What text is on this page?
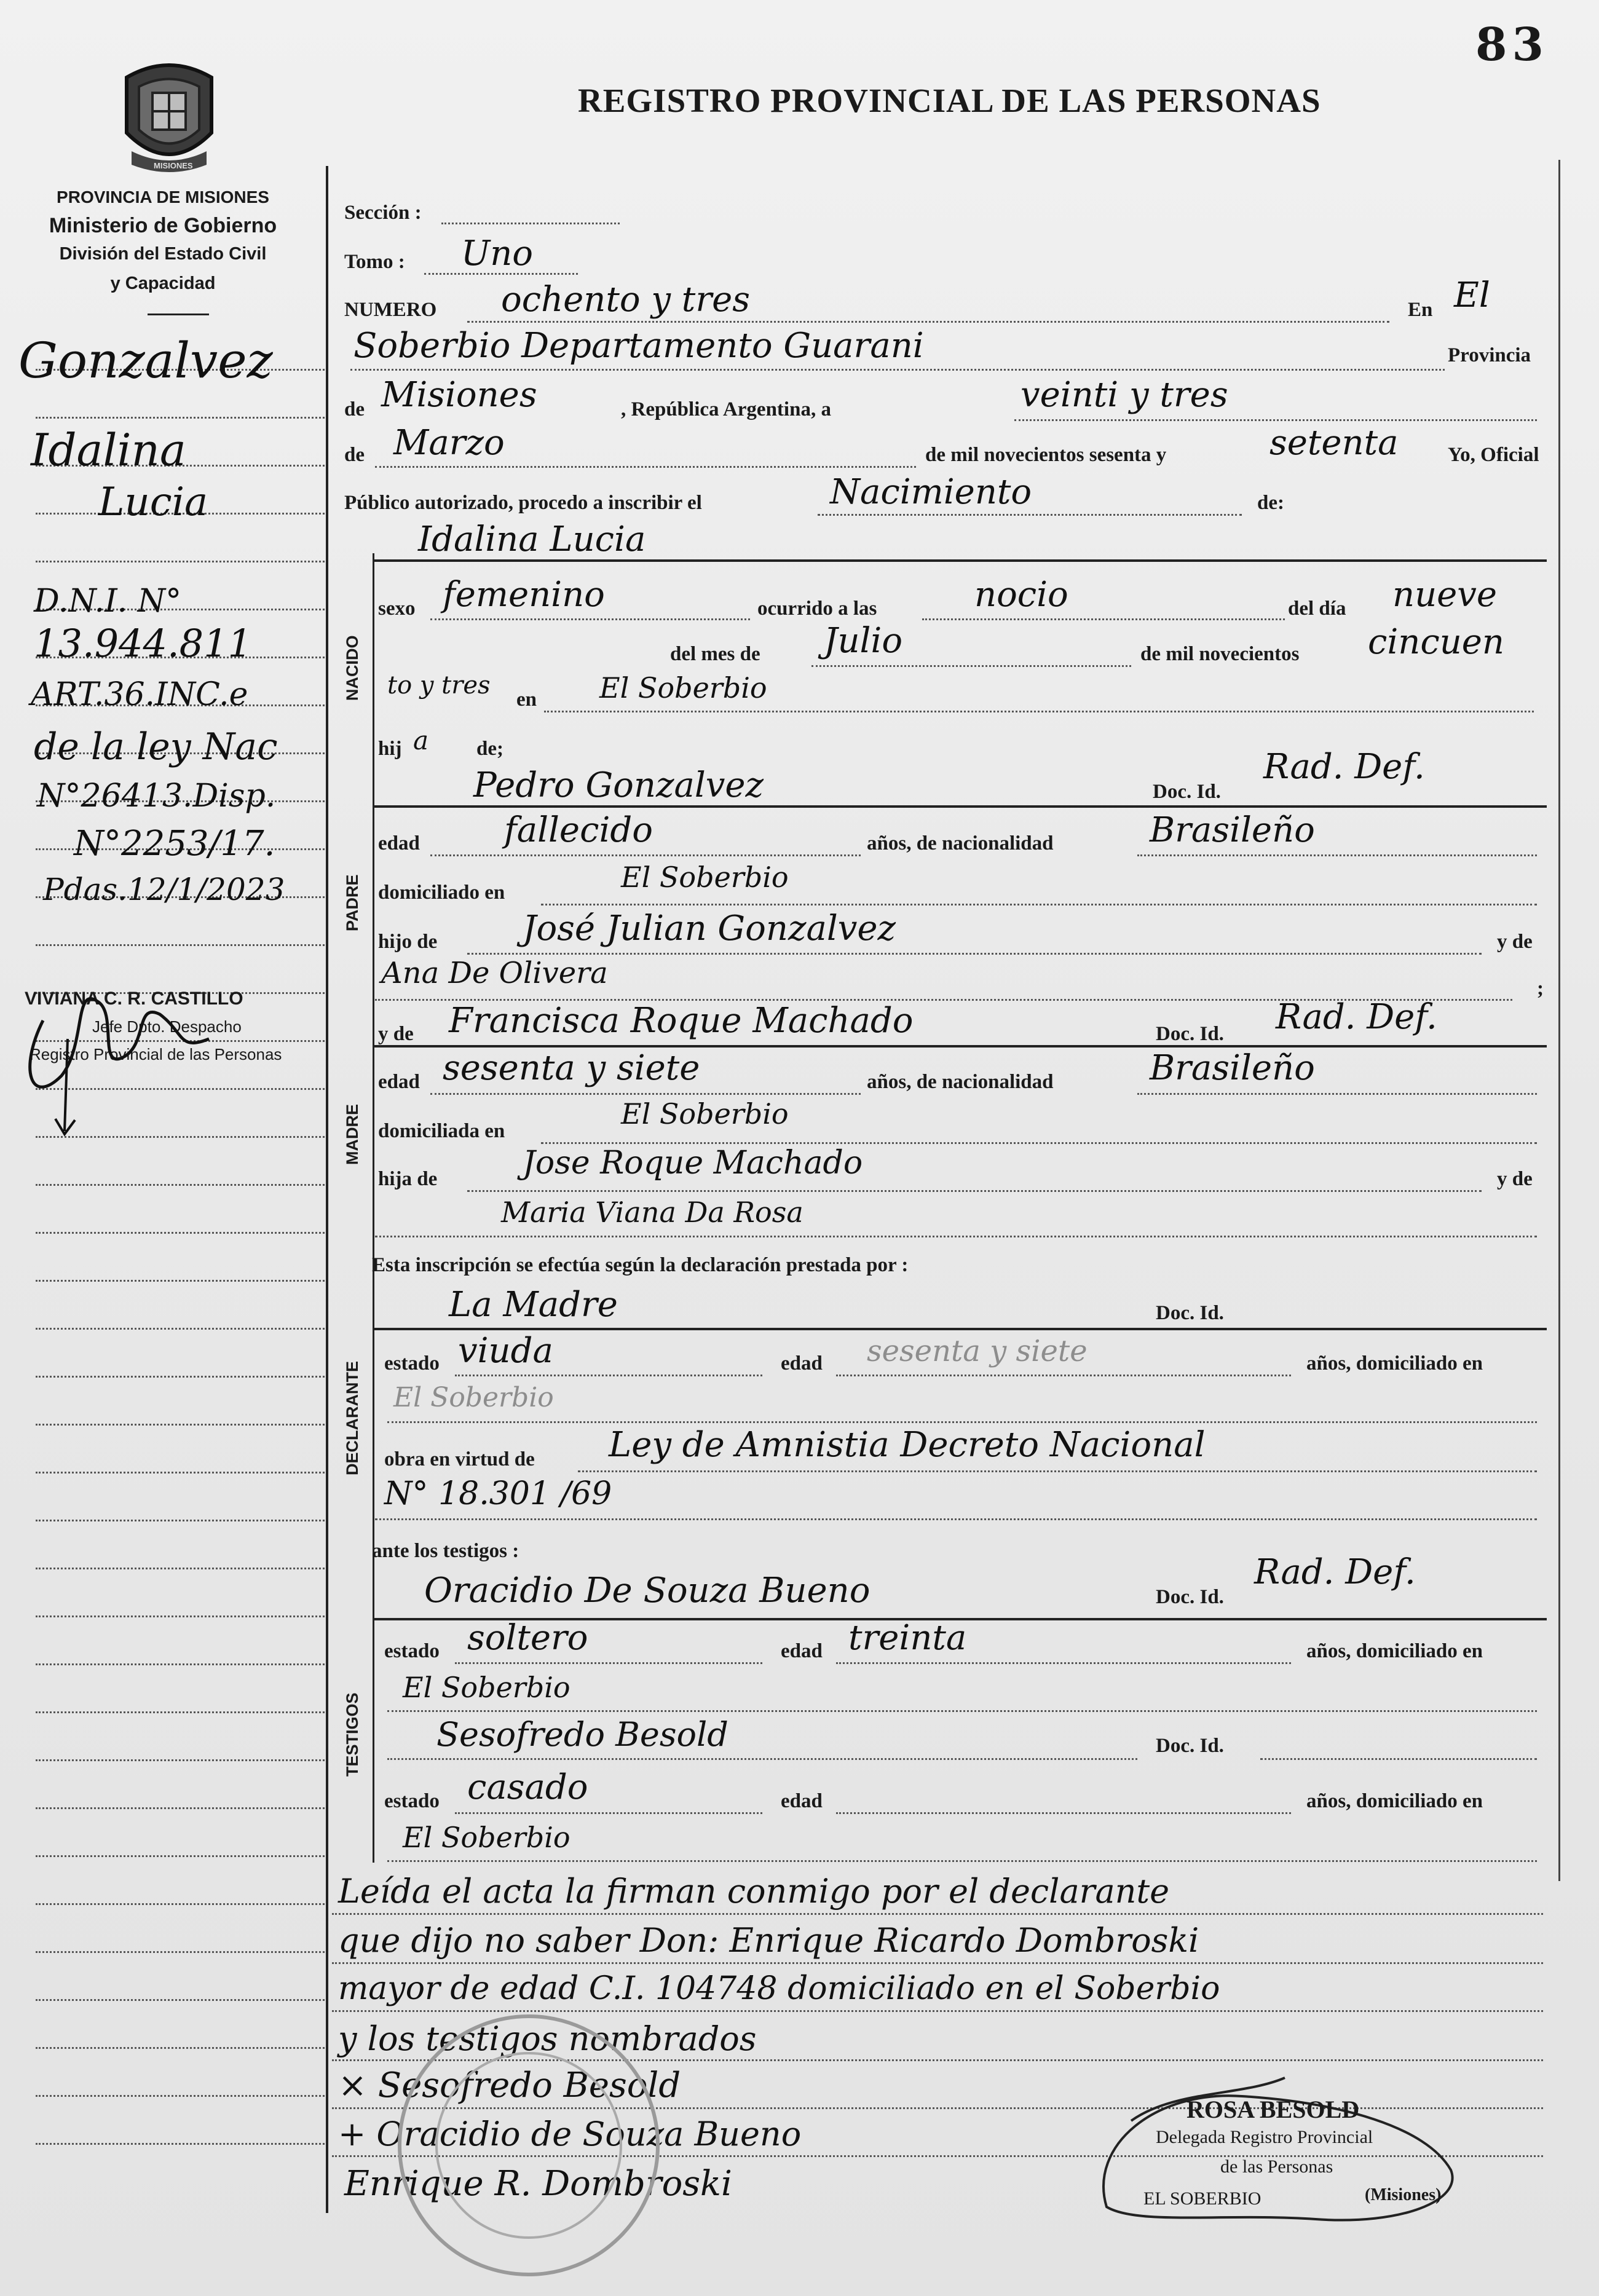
83
REGISTRO PROVINCIAL DE LAS PERSONAS
MISIONES
PROVINCIA DE MISIONES
Ministerio de Gobierno
División del Estado Civil
y Capacidad
Gonzalvez
Idalina
Lucia
D.N.I. N°
13.944.811
ART.36.INC.e
de la ley Nac
N°26413.Disp.
N°2253/17.
Pdas.12/1/2023
VIVIANA C. R. CASTILLO
Jefe Dpto. Despacho
Registro Provincial de las Personas
Sección :
Tomo : Uno
NUMERO ochento y tres	En El
Soberbio Departamento Guarani	Provincia
de Misiones	, República Argentina, a	veinti y tres
de Marzo	de mil novecientos sesenta y	setenta Yo, Oficial
Público autorizado, procedo a inscribir el	Nacimiento	de:
Idalina Lucia
sexo femenino	ocurrido a las	nocio	del día nueve
del mes de Julio	de mil novecientos cincuen
to y tres en El Soberbio
hij a de;
NACIDO
Pedro Gonzalvez	Doc. Id.
Rad. Def.
edad fallecido	años, de nacionalidad	Brasileño
domiciliado en	El Soberbio
hijo de José Julian Gonzalvez	y de
Ana De Olivera	;
PADRE
y de Francisca Roque Machado	Doc. Id. Rad. Def.
edad sesenta y siete	años, de nacionalidad	Brasileño
domiciliada en
El Soberbio
hija de	Jose Roque Machado	y de
Maria Viana Da Rosa
MADRE
Esta inscripción se efectúa según la declaración prestada por :
La Madre	Doc. Id.
estado viuda	edad sesenta y siete	años, domiciliado en
El Soberbio
obra en virtud de Ley de Amnistia Decreto Nacional
N° 18.301 /69
DECLARANTE
ante los testigos :
Oracidio De Souza Bueno	Doc. Id.
Rad. Def.
estado soltero	edad treinta	años, domiciliado en
El Soberbio
Sesofredo Besold	Doc. Id.
estado casado	edad	años, domiciliado en
El Soberbio
TESTIGOS
Leída el acta la firman conmigo por el declarante
que dijo no saber Don: Enrique Ricardo Dombroski
mayor de edad C.I. 104748 domiciliado en el Soberbio
y los testigos nombrados
× Sesofredo Besold
+ Oracidio de Souza Bueno
Enrique R. Dombroski
ROSA BESOLD
Delegada Registro Provincial
de las Personas
EL SOBERBIO	(Misiones)
